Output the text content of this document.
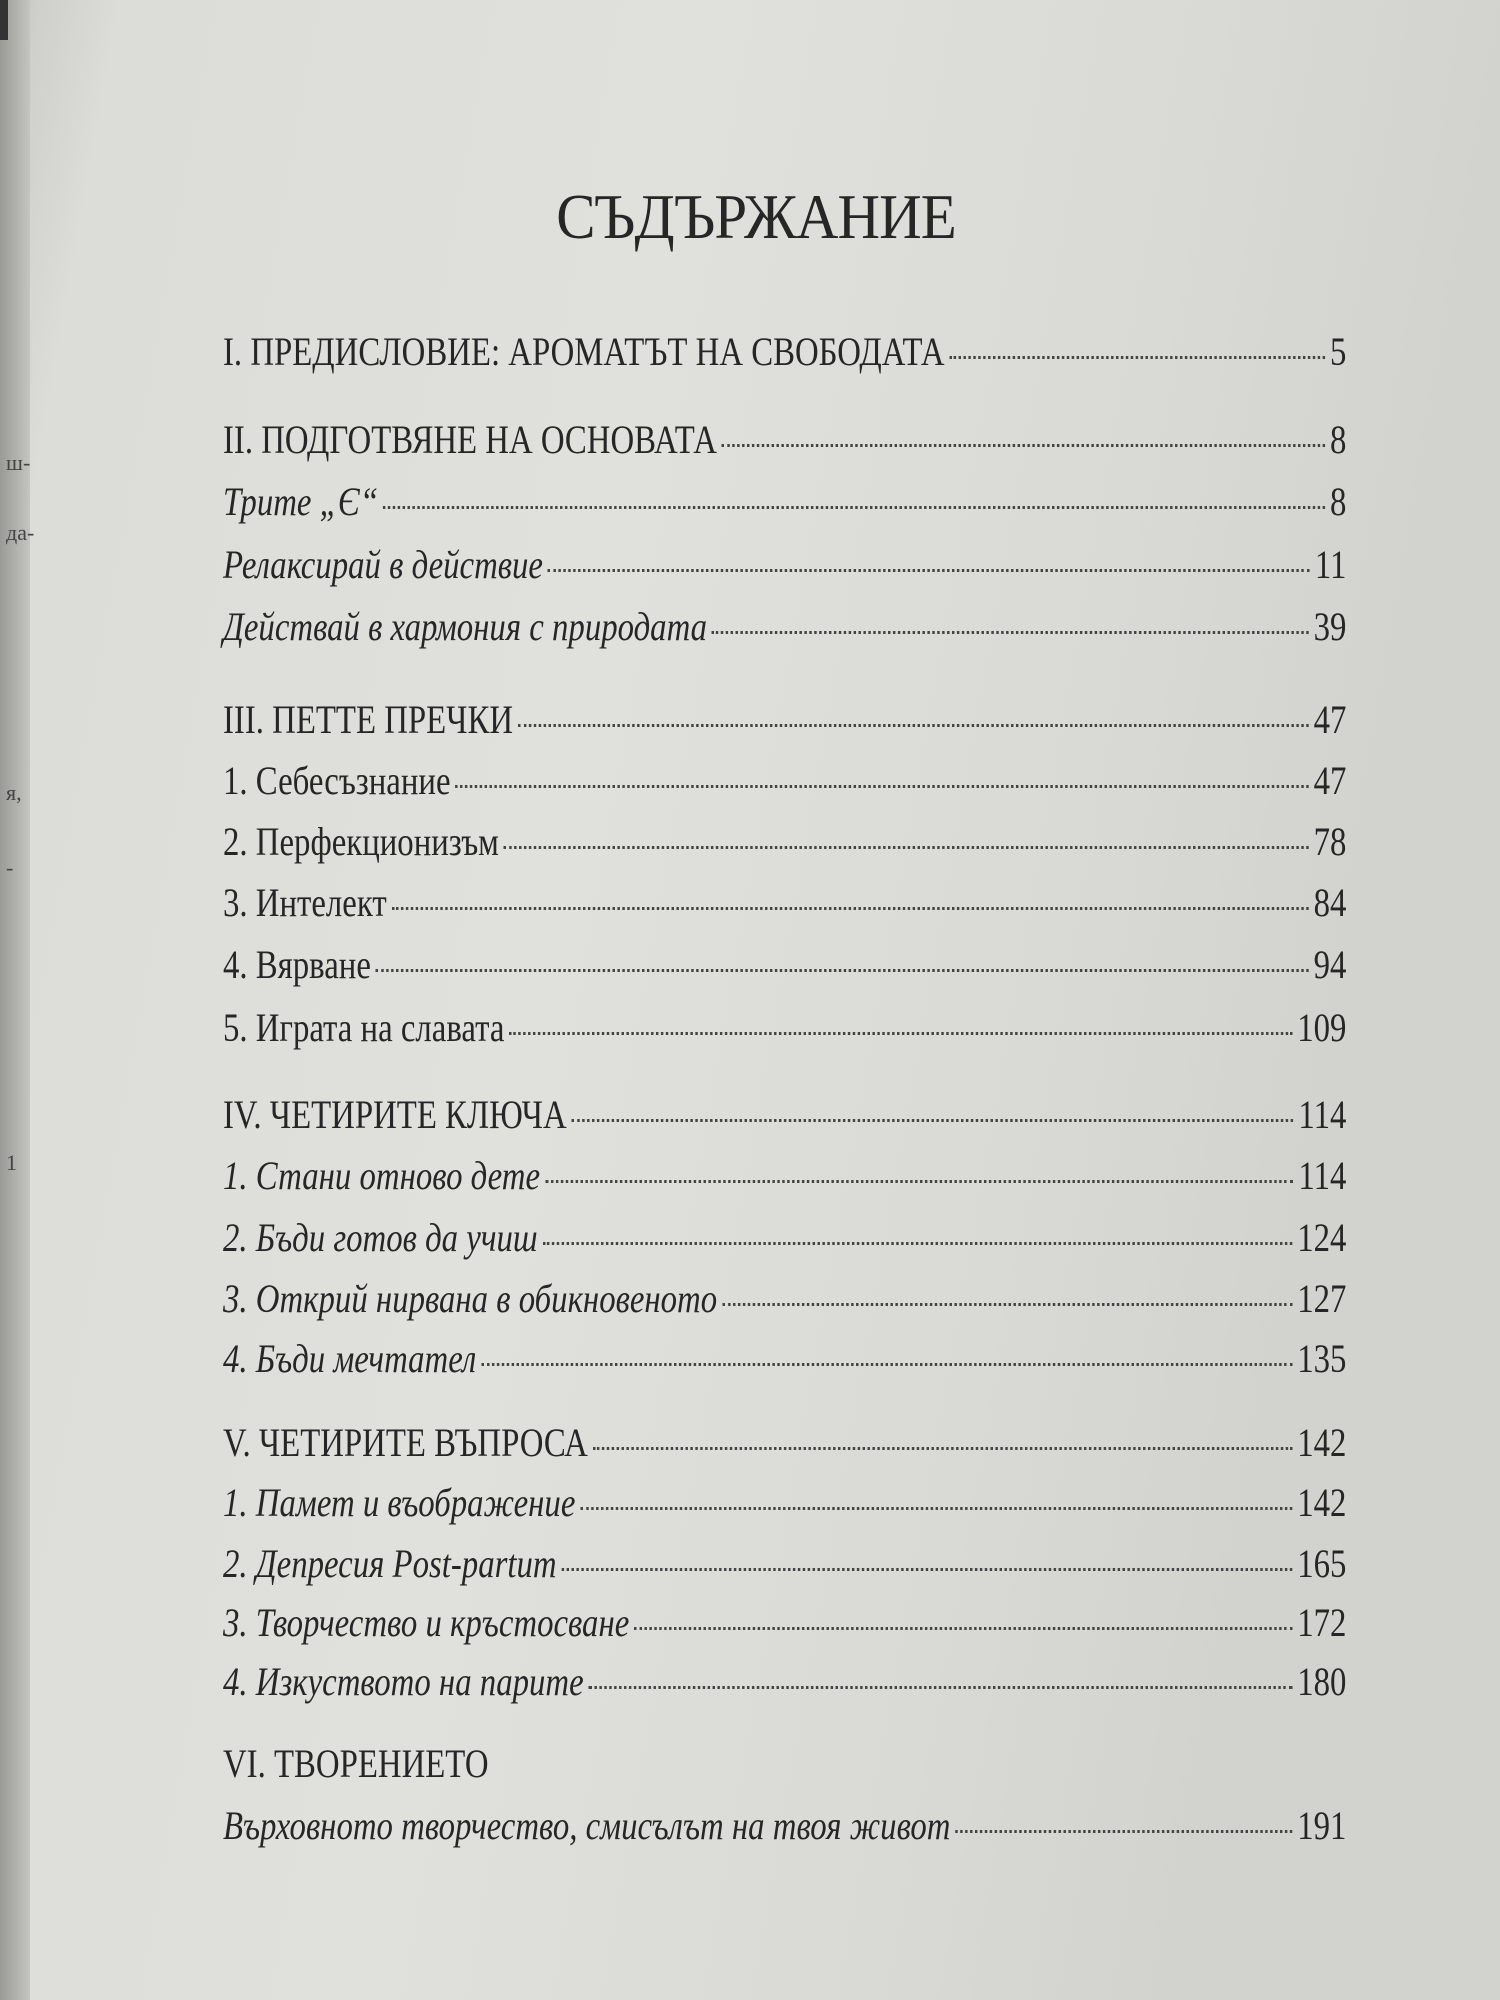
ш-
да-
я,
-
1
СЪДЪРЖАНИЕ
I. ПРЕДИСЛОВИЕ: АРОМАТЪТ НА СВОБОДАТА	5
II. ПОДГОТВЯНЕ НА ОСНОВАТА	8
Трите „Є“	8
Релаксирай в действие	11
Действай в хармония с природата	39
III. ПЕТТЕ ПРЕЧКИ	47
1. Себесъзнание	47
2. Перфекционизъм	78
3. Интелект	84
4. Вярване	94
5. Играта на славата	109
IV. ЧЕТИРИТЕ КЛЮЧА	114
1. Стани отново дете	114
2. Бъди готов да учиш	124
3. Открий нирвана в обикновеното	127
4. Бъди мечтател	135
V. ЧЕТИРИТЕ ВЪПРОСА	142
1. Памет и въображение	142
2. Депресия Post-partum	165
3. Творчество и кръстосване	172
4. Изкуството на парите	180
VI. ТВОРЕНИЕТО
Върховното творчество, смисълът на твоя живот	191
